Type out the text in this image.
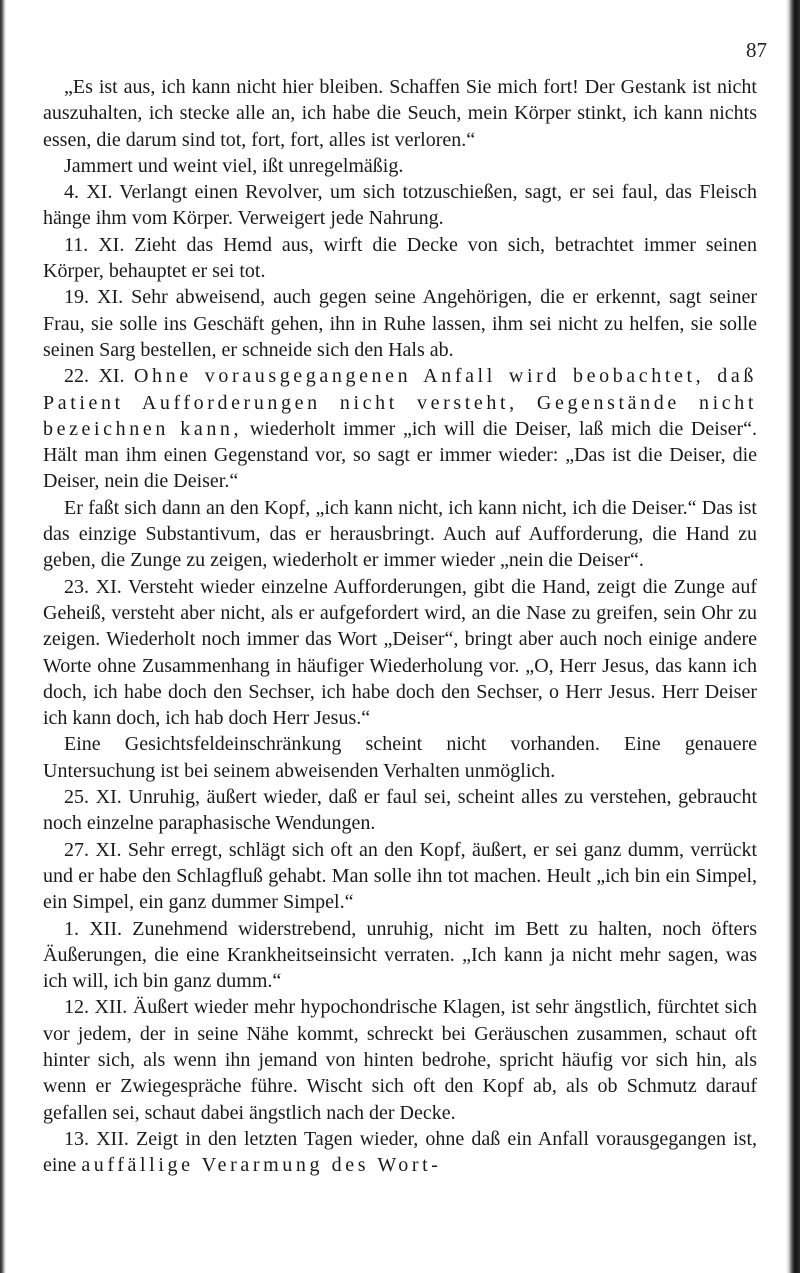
87

„Es ist aus, ich kann nicht hier bleiben. Schaffen Sie mich fort! Der Gestank ist nicht auszuhalten, ich stecke alle an, ich habe die Seuch, mein Körper stinkt, ich kann nichts essen, die darum sind tot, fort, fort, alles ist verloren.“

Jammert und weint viel, ißt unregelmäßig.

4. XI. Verlangt einen Revolver, um sich totzuschießen, sagt, er sei faul, das Fleisch hänge ihm vom Körper. Verweigert jede Nahrung.

11. XI. Zieht das Hemd aus, wirft die Decke von sich, betrachtet immer seinen Körper, behauptet er sei tot.

19. XI. Sehr abweisend, auch gegen seine Angehörigen, die er erkennt, sagt seiner Frau, sie solle ins Geschäft gehen, ihn in Ruhe lassen, ihm sei nicht zu helfen, sie solle seinen Sarg bestellen, er schneide sich den Hals ab.

22. XI. Ohne vorausgegangenen Anfall wird beobachtet, daß Patient Aufforderungen nicht versteht, Gegenstände nicht bezeichnen kann, wiederholt immer „ich will die Deiser, laß mich die Deiser“. Hält man ihm einen Gegenstand vor, so sagt er immer wieder: „Das ist die Deiser, die Deiser, nein die Deiser.“

Er faßt sich dann an den Kopf, „ich kann nicht, ich kann nicht, ich die Deiser.“ Das ist das einzige Substantivum, das er herausbringt. Auch auf Aufforderung, die Hand zu geben, die Zunge zu zeigen, wiederholt er immer wieder „nein die Deiser“.

23. XI. Versteht wieder einzelne Aufforderungen, gibt die Hand, zeigt die Zunge auf Geheiß, versteht aber nicht, als er aufgefordert wird, an die Nase zu greifen, sein Ohr zu zeigen. Wiederholt noch immer das Wort „Deiser“, bringt aber auch noch einige andere Worte ohne Zusammenhang in häufiger Wiederholung vor. „O, Herr Jesus, das kann ich doch, ich habe doch den Sechser, ich habe doch den Sechser, o Herr Jesus. Herr Deiser ich kann doch, ich hab doch Herr Jesus.“

Eine Gesichtsfeldeinschränkung scheint nicht vorhanden. Eine genauere Untersuchung ist bei seinem abweisenden Verhalten unmöglich.

25. XI. Unruhig, äußert wieder, daß er faul sei, scheint alles zu verstehen, gebraucht noch einzelne paraphasische Wendungen.

27. XI. Sehr erregt, schlägt sich oft an den Kopf, äußert, er sei ganz dumm, verrückt und er habe den Schlagfluß gehabt. Man solle ihn tot machen. Heult „ich bin ein Simpel, ein Simpel, ein ganz dummer Simpel.“

1. XII. Zunehmend widerstrebend, unruhig, nicht im Bett zu halten, noch öfters Äußerungen, die eine Krankheitseinsicht verraten. „Ich kann ja nicht mehr sagen, was ich will, ich bin ganz dumm.“

12. XII. Äußert wieder mehr hypochondrische Klagen, ist sehr ängstlich, fürchtet sich vor jedem, der in seine Nähe kommt, schreckt bei Geräuschen zusammen, schaut oft hinter sich, als wenn ihn jemand von hinten bedrohe, spricht häufig vor sich hin, als wenn er Zwiegespräche führe. Wischt sich oft den Kopf ab, als ob Schmutz darauf gefallen sei, schaut dabei ängstlich nach der Decke.

13. XII. Zeigt in den letzten Tagen wieder, ohne daß ein Anfall vorausgegangen ist, eine auffällige Verarmung des Wort-
